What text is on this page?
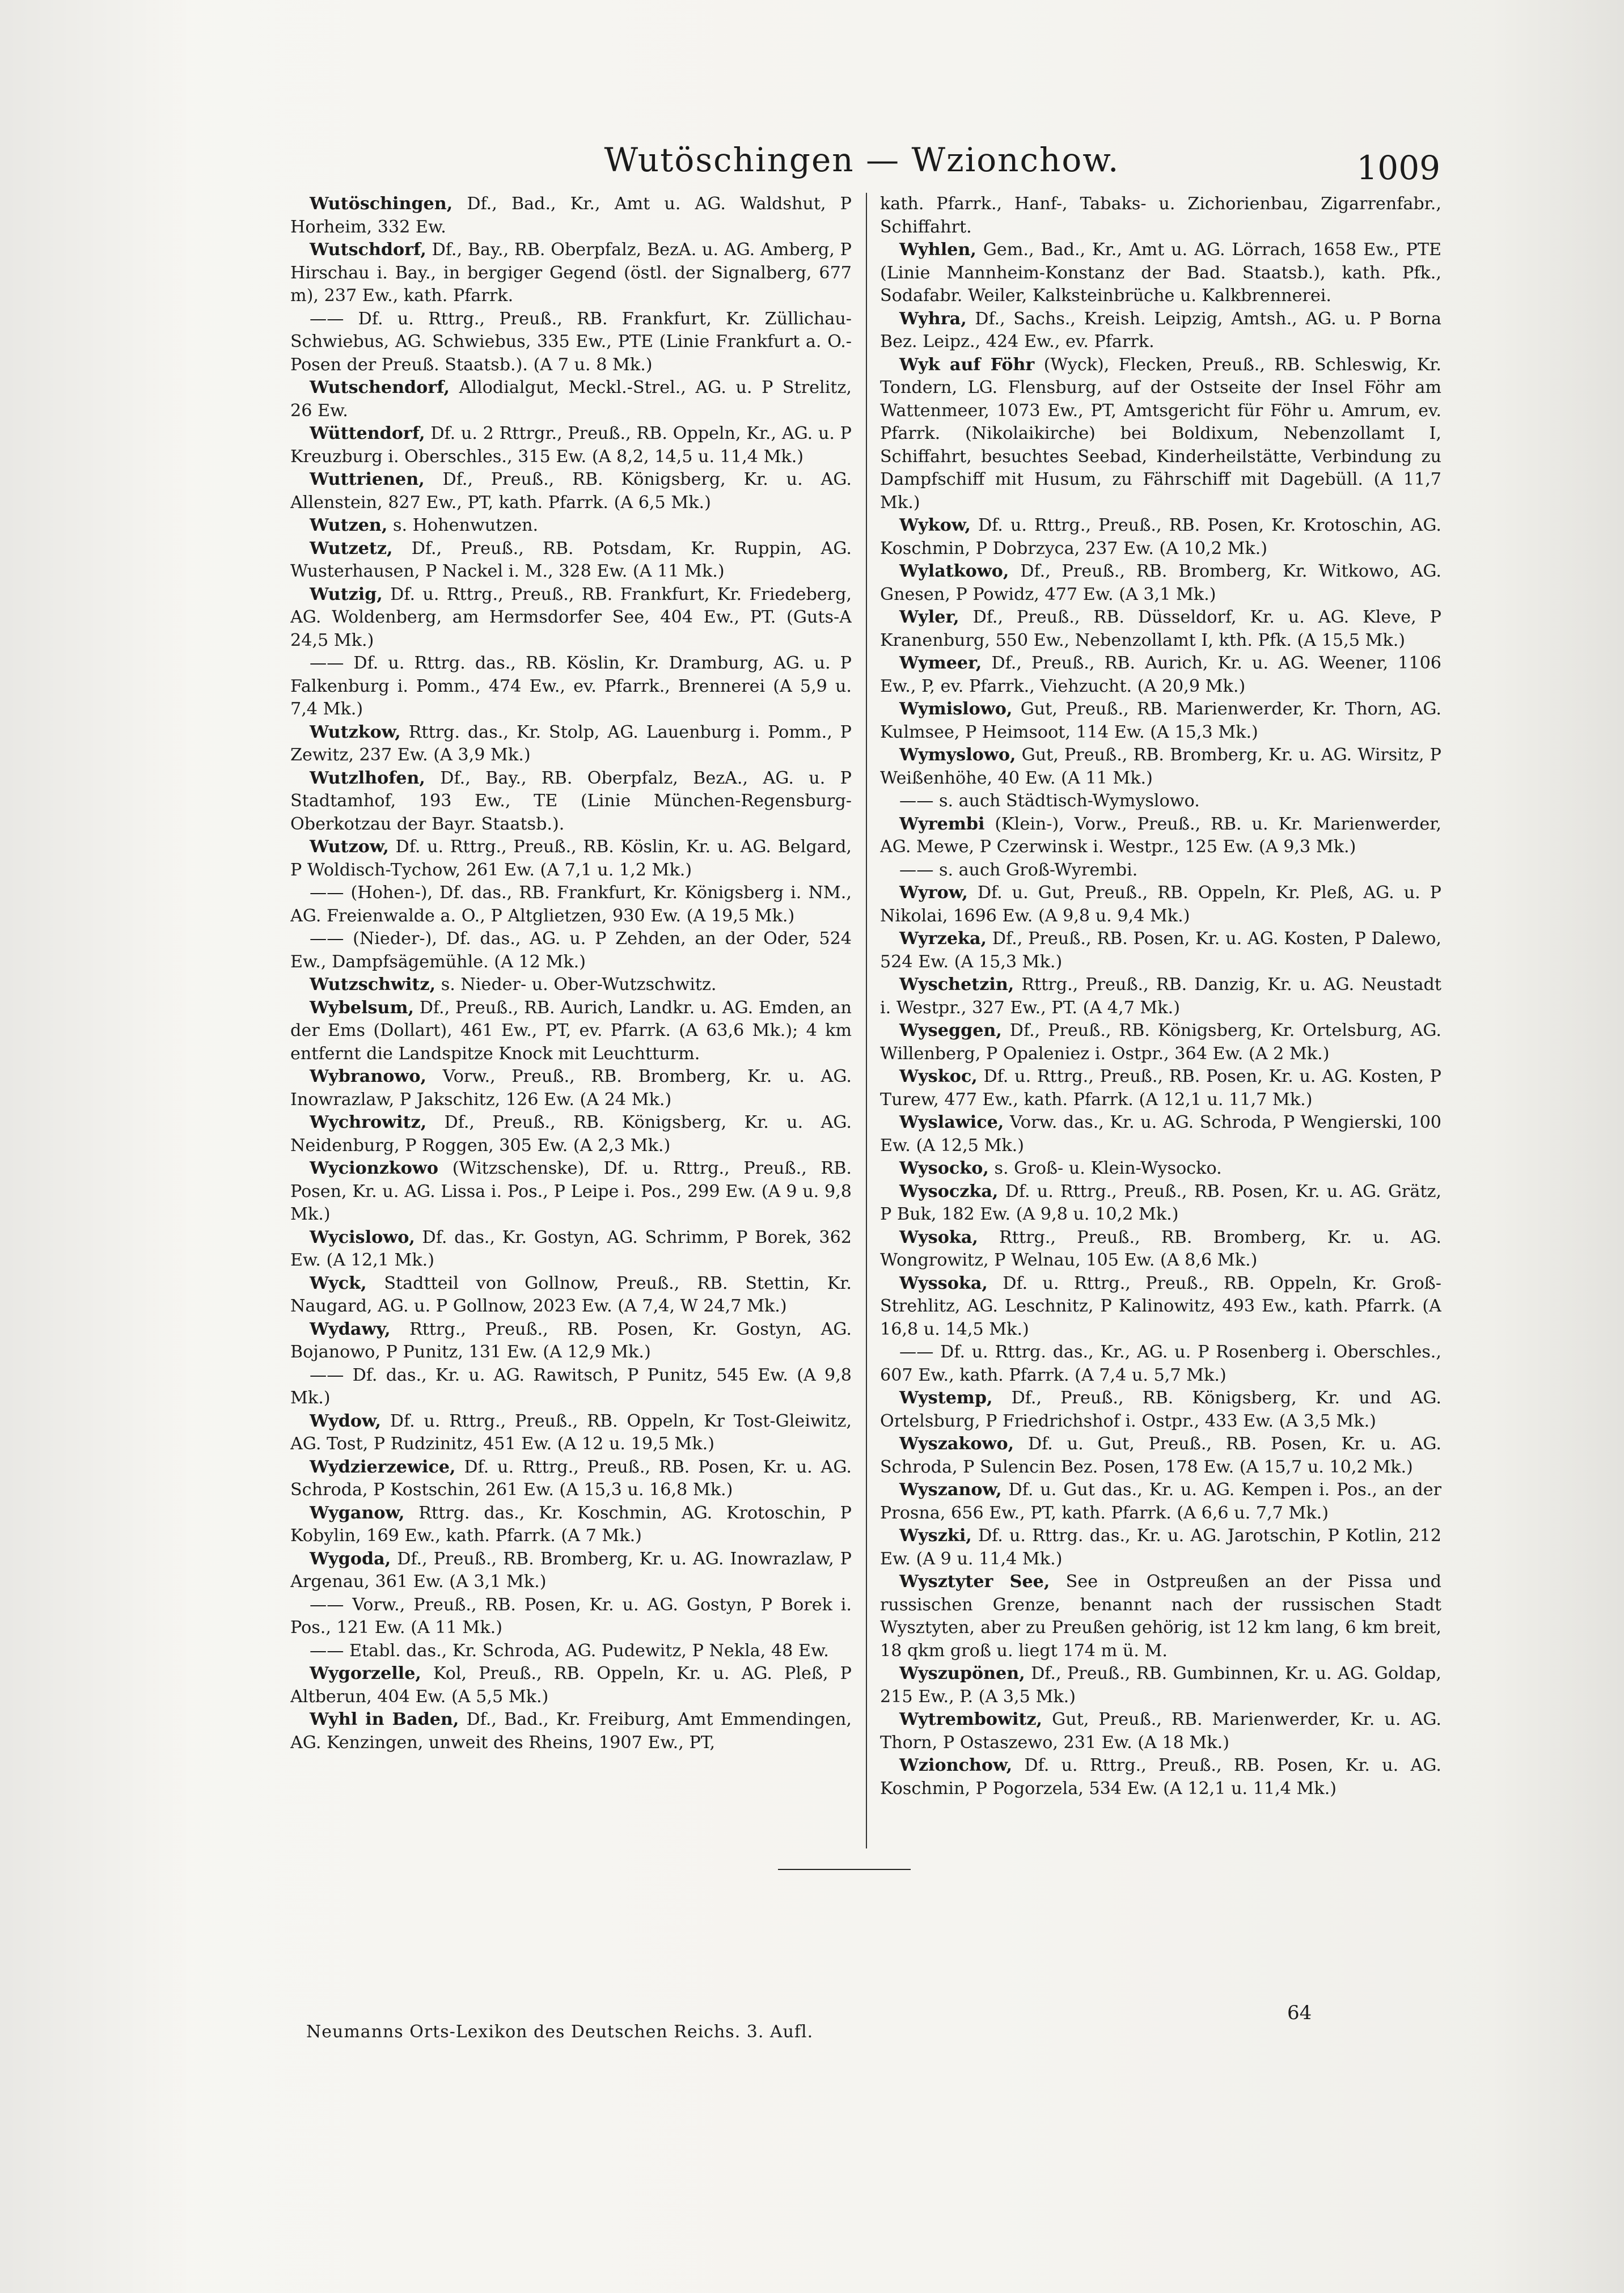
Wutöschingen — Wzionchow.	1009

Wutöschingen, Df., Bad., Kr., Amt u. AG. Waldshut, P Horheim, 332 Ew.

Wutschdorf, Df., Bay., RB. Oberpfalz, BezA. u. AG. Amberg, P Hirschau i. Bay., in bergiger Gegend (östl. der Signalberg, 677 m), 237 Ew., kath. Pfarrk.

—— Df. u. Rttrg., Preuß., RB. Frankfurt, Kr. Züllichau-Schwiebus, AG. Schwiebus, 335 Ew., PTE (Linie Frankfurt a. O.-Posen der Preuß. Staatsb.). (A 7 u. 8 Mk.)

Wutschendorf, Allodialgut, Meckl.-Strel., AG. u. P Strelitz, 26 Ew.

Wüttendorf, Df. u. 2 Rttrgr., Preuß., RB. Oppeln, Kr., AG. u. P Kreuzburg i. Oberschles., 315 Ew. (A 8,2, 14,5 u. 11,4 Mk.)

Wuttrienen, Df., Preuß., RB. Königsberg, Kr. u. AG. Allenstein, 827 Ew., PT, kath. Pfarrk. (A 6,5 Mk.)

Wutzen, s. Hohenwutzen.

Wutzetz, Df., Preuß., RB. Potsdam, Kr. Ruppin, AG. Wusterhausen, P Nackel i. M., 328 Ew. (A 11 Mk.)

Wutzig, Df. u. Rttrg., Preuß., RB. Frankfurt, Kr. Friedeberg, AG. Woldenberg, am Hermsdorfer See, 404 Ew., PT. (Guts-A 24,5 Mk.)

—— Df. u. Rttrg. das., RB. Köslin, Kr. Dramburg, AG. u. P Falkenburg i. Pomm., 474 Ew., ev. Pfarrk., Brennerei (A 5,9 u. 7,4 Mk.)

Wutzkow, Rttrg. das., Kr. Stolp, AG. Lauenburg i. Pomm., P Zewitz, 237 Ew. (A 3,9 Mk.)

Wutzlhofen, Df., Bay., RB. Oberpfalz, BezA., AG. u. P Stadtamhof, 193 Ew., TE (Linie München-Regensburg-Oberkotzau der Bayr. Staatsb.).

Wutzow, Df. u. Rttrg., Preuß., RB. Köslin, Kr. u. AG. Belgard, P Woldisch-Tychow, 261 Ew. (A 7,1 u. 1,2 Mk.)

—— (Hohen-), Df. das., RB. Frankfurt, Kr. Königsberg i. NM., AG. Freienwalde a. O., P Altglietzen, 930 Ew. (A 19,5 Mk.)

—— (Nieder-), Df. das., AG. u. P Zehden, an der Oder, 524 Ew., Dampfsägemühle. (A 12 Mk.)

Wutzschwitz, s. Nieder- u. Ober-Wutzschwitz.

Wybelsum, Df., Preuß., RB. Aurich, Landkr. u. AG. Emden, an der Ems (Dollart), 461 Ew., PT, ev. Pfarrk. (A 63,6 Mk.); 4 km entfernt die Landspitze Knock mit Leuchtturm.

Wybranowo, Vorw., Preuß., RB. Bromberg, Kr. u. AG. Inowrazlaw, P Jakschitz, 126 Ew. (A 24 Mk.)

Wychrowitz, Df., Preuß., RB. Königsberg, Kr. u. AG. Neidenburg, P Roggen, 305 Ew. (A 2,3 Mk.)

Wycionzkowo (Witzschenske), Df. u. Rttrg., Preuß., RB. Posen, Kr. u. AG. Lissa i. Pos., P Leipe i. Pos., 299 Ew. (A 9 u. 9,8 Mk.)

Wycislowo, Df. das., Kr. Gostyn, AG. Schrimm, P Borek, 362 Ew. (A 12,1 Mk.)

Wyck, Stadtteil von Gollnow, Preuß., RB. Stettin, Kr. Naugard, AG. u. P Gollnow, 2023 Ew. (A 7,4, W 24,7 Mk.)

Wydawy, Rttrg., Preuß., RB. Posen, Kr. Gostyn, AG. Bojanowo, P Punitz, 131 Ew. (A 12,9 Mk.)

—— Df. das., Kr. u. AG. Rawitsch, P Punitz, 545 Ew. (A 9,8 Mk.)

Wydow, Df. u. Rttrg., Preuß., RB. Oppeln, Kr Tost-Gleiwitz, AG. Tost, P Rudzinitz, 451 Ew. (A 12 u. 19,5 Mk.)

Wydzierzewice, Df. u. Rttrg., Preuß., RB. Posen, Kr. u. AG. Schroda, P Kostschin, 261 Ew. (A 15,3 u. 16,8 Mk.)

Wyganow, Rttrg. das., Kr. Koschmin, AG. Krotoschin, P Kobylin, 169 Ew., kath. Pfarrk. (A 7 Mk.)

Wygoda, Df., Preuß., RB. Bromberg, Kr. u. AG. Inowrazlaw, P Argenau, 361 Ew. (A 3,1 Mk.)

—— Vorw., Preuß., RB. Posen, Kr. u. AG. Gostyn, P Borek i. Pos., 121 Ew. (A 11 Mk.)

—— Etabl. das., Kr. Schroda, AG. Pudewitz, P Nekla, 48 Ew.

Wygorzelle, Kol, Preuß., RB. Oppeln, Kr. u. AG. Pleß, P Altberun, 404 Ew. (A 5,5 Mk.)

Wyhl in Baden, Df., Bad., Kr. Freiburg, Amt Emmendingen, AG. Kenzingen, unweit des Rheins, 1907 Ew., PT,

kath. Pfarrk., Hanf-, Tabaks- u. Zichorienbau, Zigarrenfabr., Schiffahrt.

Wyhlen, Gem., Bad., Kr., Amt u. AG. Lörrach, 1658 Ew., PTE (Linie Mannheim-Konstanz der Bad. Staatsb.), kath. Pfk., Sodafabr. Weiler, Kalksteinbrüche u. Kalkbrennerei.

Wyhra, Df., Sachs., Kreish. Leipzig, Amtsh., AG. u. P Borna Bez. Leipz., 424 Ew., ev. Pfarrk.

Wyk auf Föhr (Wyck), Flecken, Preuß., RB. Schleswig, Kr. Tondern, LG. Flensburg, auf der Ostseite der Insel Föhr am Wattenmeer, 1073 Ew., PT, Amtsgericht für Föhr u. Amrum, ev. Pfarrk. (Nikolaikirche) bei Boldixum, Nebenzollamt I, Schiffahrt, besuchtes Seebad, Kinderheilstätte, Verbindung zu Dampfschiff mit Husum, zu Fährschiff mit Dagebüll. (A 11,7 Mk.)

Wykow, Df. u. Rttrg., Preuß., RB. Posen, Kr. Krotoschin, AG. Koschmin, P Dobrzyca, 237 Ew. (A 10,2 Mk.)

Wylatkowo, Df., Preuß., RB. Bromberg, Kr. Witkowo, AG. Gnesen, P Powidz, 477 Ew. (A 3,1 Mk.)

Wyler, Df., Preuß., RB. Düsseldorf, Kr. u. AG. Kleve, P Kranenburg, 550 Ew., Nebenzollamt I, kth. Pfk. (A 15,5 Mk.)

Wymeer, Df., Preuß., RB. Aurich, Kr. u. AG. Weener, 1106 Ew., P, ev. Pfarrk., Viehzucht. (A 20,9 Mk.)

Wymislowo, Gut, Preuß., RB. Marienwerder, Kr. Thorn, AG. Kulmsee, P Heimsoot, 114 Ew. (A 15,3 Mk.)

Wymyslowo, Gut, Preuß., RB. Bromberg, Kr. u. AG. Wirsitz, P Weißenhöhe, 40 Ew. (A 11 Mk.)

—— s. auch Städtisch-Wymyslowo.

Wyrembi (Klein-), Vorw., Preuß., RB. u. Kr. Marienwerder, AG. Mewe, P Czerwinsk i. Westpr., 125 Ew. (A 9,3 Mk.)

—— s. auch Groß-Wyrembi.

Wyrow, Df. u. Gut, Preuß., RB. Oppeln, Kr. Pleß, AG. u. P Nikolai, 1696 Ew. (A 9,8 u. 9,4 Mk.)

Wyrzeka, Df., Preuß., RB. Posen, Kr. u. AG. Kosten, P Dalewo, 524 Ew. (A 15,3 Mk.)

Wyschetzin, Rttrg., Preuß., RB. Danzig, Kr. u. AG. Neustadt i. Westpr., 327 Ew., PT. (A 4,7 Mk.)

Wyseggen, Df., Preuß., RB. Königsberg, Kr. Ortelsburg, AG. Willenberg, P Opaleniez i. Ostpr., 364 Ew. (A 2 Mk.)

Wyskoc, Df. u. Rttrg., Preuß., RB. Posen, Kr. u. AG. Kosten, P Turew, 477 Ew., kath. Pfarrk. (A 12,1 u. 11,7 Mk.)

Wyslawice, Vorw. das., Kr. u. AG. Schroda, P Wengierski, 100 Ew. (A 12,5 Mk.)

Wysocko, s. Groß- u. Klein-Wysocko.

Wysoczka, Df. u. Rttrg., Preuß., RB. Posen, Kr. u. AG. Grätz, P Buk, 182 Ew. (A 9,8 u. 10,2 Mk.)

Wysoka, Rttrg., Preuß., RB. Bromberg, Kr. u. AG. Wongrowitz, P Welnau, 105 Ew. (A 8,6 Mk.)

Wyssoka, Df. u. Rttrg., Preuß., RB. Oppeln, Kr. Groß-Strehlitz, AG. Leschnitz, P Kalinowitz, 493 Ew., kath. Pfarrk. (A 16,8 u. 14,5 Mk.)

—— Df. u. Rttrg. das., Kr., AG. u. P Rosenberg i. Oberschles., 607 Ew., kath. Pfarrk. (A 7,4 u. 5,7 Mk.)

Wystemp, Df., Preuß., RB. Königsberg, Kr. und AG. Ortelsburg, P Friedrichshof i. Ostpr., 433 Ew. (A 3,5 Mk.)

Wyszakowo, Df. u. Gut, Preuß., RB. Posen, Kr. u. AG. Schroda, P Sulencin Bez. Posen, 178 Ew. (A 15,7 u. 10,2 Mk.)

Wyszanow, Df. u. Gut das., Kr. u. AG. Kempen i. Pos., an der Prosna, 656 Ew., PT, kath. Pfarrk. (A 6,6 u. 7,7 Mk.)

Wyszki, Df. u. Rttrg. das., Kr. u. AG. Jarotschin, P Kotlin, 212 Ew. (A 9 u. 11,4 Mk.)

Wysztyter See, See in Ostpreußen an der Pissa und russischen Grenze, benannt nach der russischen Stadt Wysztyten, aber zu Preußen gehörig, ist 12 km lang, 6 km breit, 18 qkm groß u. liegt 174 m ü. M.

Wyszupönen, Df., Preuß., RB. Gumbinnen, Kr. u. AG. Goldap, 215 Ew., P. (A 3,5 Mk.)

Wytrembowitz, Gut, Preuß., RB. Marienwerder, Kr. u. AG. Thorn, P Ostaszewo, 231 Ew. (A 18 Mk.)

Wzionchow, Df. u. Rttrg., Preuß., RB. Posen, Kr. u. AG. Koschmin, P Pogorzela, 534 Ew. (A 12,1 u. 11,4 Mk.)

Neumanns Orts-Lexikon des Deutschen Reichs. 3. Aufl.
64
